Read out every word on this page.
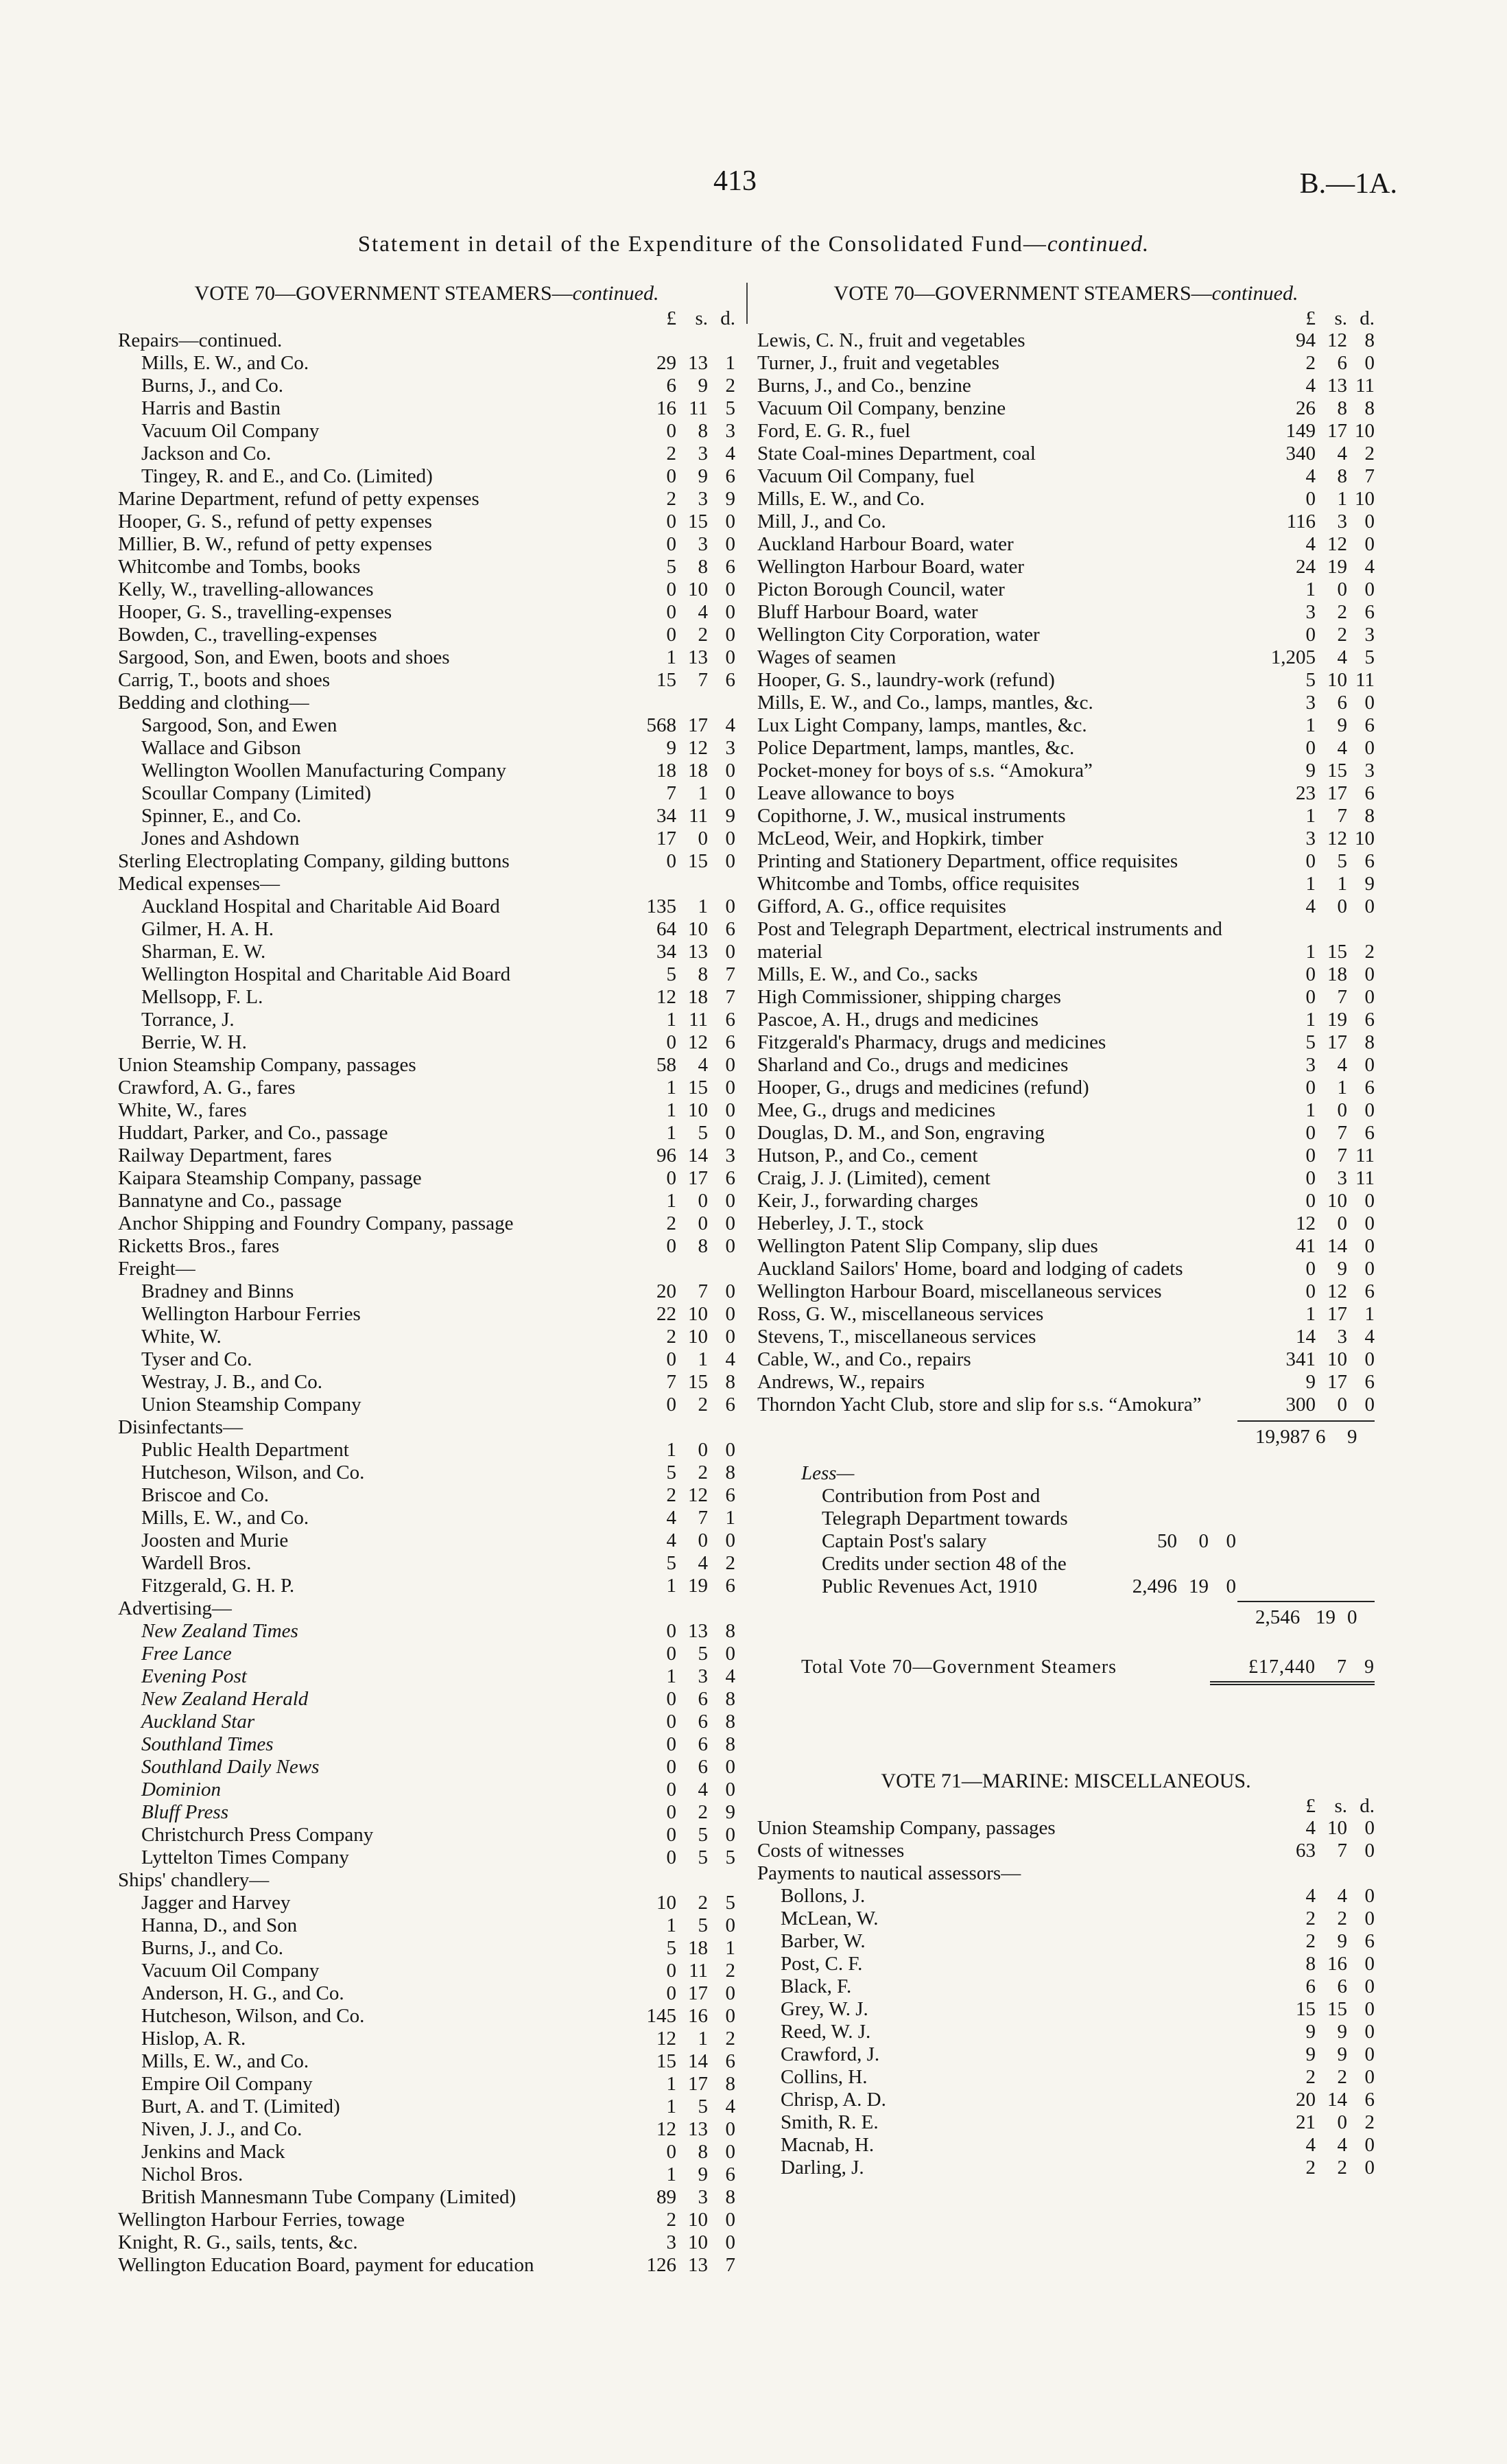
413	B.—1A.
Statement in detail of the Expenditure of the Consolidated Fund—continued.
VOTE 70—GOVERNMENT STEAMERS—continued.
£ s. d.
Repairs—continued.
Mills, E. W., and Co.	29 13 1
Burns, J., and Co.	6	9 2
Harris and Bastin	16 11 5
Vacuum Oil Company	0	8 3
Jackson and Co.	2	3 4
Tingey, R. and E., and Co. (Limited)	0	9 6
Marine Department, refund of petty expenses	2	3 9
Hooper, G. S., refund of petty expenses	0 15 0
Millier, B. W., refund of petty expenses	0	3 0
Whitcombe and Tombs, books	5	8 6
Kelly, W., travelling-allowances	0 10 0
Hooper, G. S., travelling-expenses	0	4 0
Bowden, C., travelling-expenses	0	2 0
Sargood, Son, and Ewen, boots and shoes	1 13 0
Carrig, T., boots and shoes	15	7 6
Bedding and clothing—
Sargood, Son, and Ewen	568 17 4
Wallace and Gibson	9 12 3
Wellington Woollen Manufacturing Company	18 18 0
Scoullar Company (Limited)	7	1 0
Spinner, E., and Co.	34 11 9
Jones and Ashdown	17	0 0
Sterling Electroplating Company, gilding buttons	0 15 0
Medical expenses—
Auckland Hospital and Charitable Aid Board	135	1 0
Gilmer, H. A. H.	64 10 6
Sharman, E. W.	34 13 0
Wellington Hospital and Charitable Aid Board	5	8 7
Mellsopp, F. L.	12 18 7
Torrance, J.	1 11 6
Berrie, W. H.	0 12 6
Union Steamship Company, passages	58	4 0
Crawford, A. G., fares	1 15 0
White, W., fares	1 10 0
Huddart, Parker, and Co., passage	1	5 0
Railway Department, fares	96 14 3
Kaipara Steamship Company, passage	0 17 6
Bannatyne and Co., passage	1	0 0
Anchor Shipping and Foundry Company, passage	2	0 0
Ricketts Bros., fares	0	8 0
Freight—
Bradney and Binns	20	7 0
Wellington Harbour Ferries	22 10 0
White, W.	2 10 0
Tyser and Co.	0	1 4
Westray, J. B., and Co.	7 15 8
Union Steamship Company	0	2 6
Disinfectants—
Public Health Department	1	0 0
Hutcheson, Wilson, and Co.	5	2 8
Briscoe and Co.	2 12 6
Mills, E. W., and Co.	4	7 1
Joosten and Murie	4	0 0
Wardell Bros.	5	4 2
Fitzgerald, G. H. P.	1 19 6
Advertising—
New Zealand Times	0 13 8
Free Lance	0	5 0
Evening Post	1	3 4
New Zealand Herald	0	6 8
Auckland Star	0	6 8
Southland Times	0	6 8
Southland Daily News	0	6 0
Dominion	0	4 0
Bluff Press	0	2 9
Christchurch Press Company	0	5 0
Lyttelton Times Company	0	5 5
Ships' chandlery—
Jagger and Harvey	10	2 5
Hanna, D., and Son	1	5 0
Burns, J., and Co.	5 18 1
Vacuum Oil Company	0 11 2
Anderson, H. G., and Co.	0 17 0
Hutcheson, Wilson, and Co.	145 16 0
Hislop, A. R.	12	1 2
Mills, E. W., and Co.	15 14 6
Empire Oil Company	1 17 8
Burt, A. and T. (Limited)	1	5 4
Niven, J. J., and Co.	12 13 0
Jenkins and Mack	0	8 0
Nichol Bros.	1	9 6
British Mannesmann Tube Company (Limited)	89	3 8
Wellington Harbour Ferries, towage	2 10 0
Knight, R. G., sails, tents, &c.	3 10 0
Wellington Education Board, payment for education	126 13 7
VOTE 70—GOVERNMENT STEAMERS—continued.
£ s. d.
Lewis, C. N., fruit and vegetables	94 12 8
Turner, J., fruit and vegetables	2	6 0
Burns, J., and Co., benzine	4 13 11
Vacuum Oil Company, benzine	26	8 8
Ford, E. G. R., fuel	149 17 10
State Coal-mines Department, coal	340	4 2
Vacuum Oil Company, fuel	4	8 7
Mills, E. W., and Co.	0	1 10
Mill, J., and Co.	116	3 0
Auckland Harbour Board, water	4 12 0
Wellington Harbour Board, water	24 19 4
Picton Borough Council, water	1	0 0
Bluff Harbour Board, water	3	2 6
Wellington City Corporation, water	0	2 3
Wages of seamen	1,205	4 5
Hooper, G. S., laundry-work (refund)	5 10 11
Mills, E. W., and Co., lamps, mantles, &c.	3	6 0
Lux Light Company, lamps, mantles, &c.	1	9 6
Police Department, lamps, mantles, &c.	0	4 0
Pocket-money for boys of s.s. “Amokura”	9 15 3
Leave allowance to boys	23 17 6
Copithorne, J. W., musical instruments	1	7 8
McLeod, Weir, and Hopkirk, timber	3 12 10
Printing and Stationery Department, office requisites	0	5 6
Whitcombe and Tombs, office requisites	1	1 9
Gifford, A. G., office requisites	4	0 0
Post and Telegraph Department, electrical instruments and material	1 15 2
Mills, E. W., and Co., sacks	0 18 0
High Commissioner, shipping charges	0	7 0
Pascoe, A. H., drugs and medicines	1 19 6
Fitzgerald's Pharmacy, drugs and medicines	5 17 8
Sharland and Co., drugs and medicines	3	4 0
Hooper, G., drugs and medicines (refund)	0	1 6
Mee, G., drugs and medicines	1	0 0
Douglas, D. M., and Son, engraving	0	7 6
Hutson, P., and Co., cement	0	7 11
Craig, J. J. (Limited), cement	0	3 11
Keir, J., forwarding charges	0 10 0
Heberley, J. T., stock	12	0 0
Wellington Patent Slip Company, slip dues	41 14 0
Auckland Sailors' Home, board and lodging of cadets	0	9 0
Wellington Harbour Board, miscellaneous services	0 12 6
Ross, G. W., miscellaneous services	1 17 1
Stevens, T., miscellaneous services	14	3 4
Cable, W., and Co., repairs	341 10 0
Andrews, W., repairs	9 17 6
Thorndon Yacht Club, store and slip for s.s. “Amokura”	300	0 0
19,987 6	9
Less—
Contribution from Post and Telegraph Department towards Captain Post's salary	50	0 0
Credits under section 48 of the Public Revenues Act, 1910	2,496 19 0
2,546 19 0
Total Vote 70—Government Steamers	£17,440	7 9
VOTE 71—MARINE: MISCELLANEOUS.
£ s. d.
Union Steamship Company, passages	4 10 0
Costs of witnesses	63	7 0
Payments to nautical assessors—
Bollons, J.	4	4 0
McLean, W.	2	2 0
Barber, W.	2	9 6
Post, C. F.	8 16 0
Black, F.	6	6 0
Grey, W. J.	15 15 0
Reed, W. J.	9	9 0
Crawford, J.	9	9 0
Collins, H.	2	2 0
Chrisp, A. D.	20 14 6
Smith, R. E.	21	0 2
Macnab, H.	4	4 0
Darling, J.	2	2 0
